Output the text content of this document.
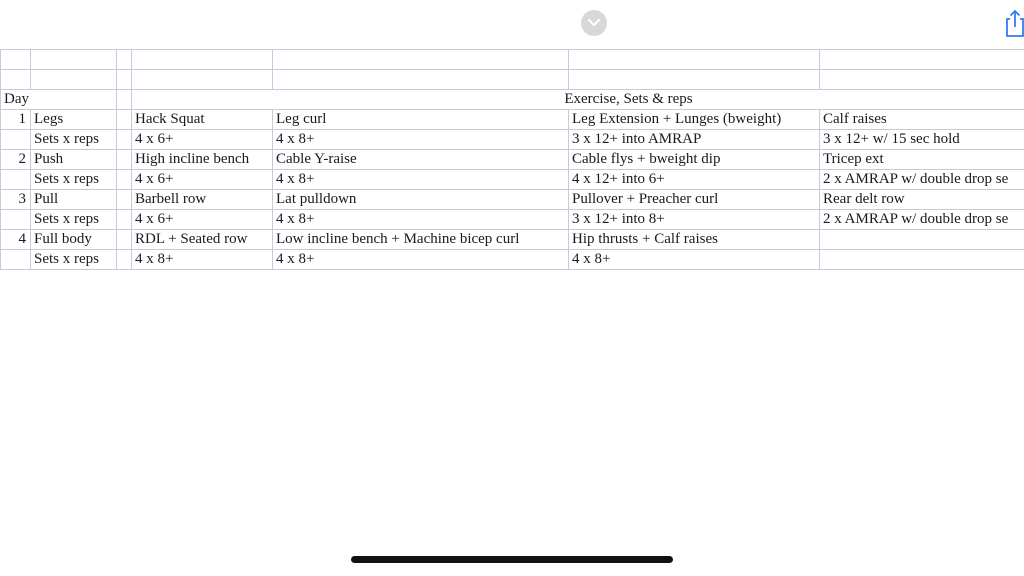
Day			Exercise, Sets & reps			
1	Legs		Hack Squat	Leg curl	Leg Extension + Lunges (bweight)	Calf raises
	Sets x reps		4 x 6+	4 x 8+	3 x 12+ into AMRAP	3 x 12+ w/ 15 sec hold
2	Push		High incline bench	Cable Y-raise	Cable flys + bweight dip	Tricep ext
	Sets x reps		4 x 6+	4 x 8+	4 x 12+ into 6+	2 x AMRAP w/ double drop se
3	Pull		Barbell row	Lat pulldown	Pullover + Preacher curl	Rear delt row
	Sets x reps		4 x 6+	4 x 8+	3 x 12+ into 8+	2 x AMRAP w/ double drop se
4	Full body		RDL + Seated row	Low incline bench + Machine bicep curl	Hip thrusts + Calf raises	
	Sets x reps		4 x 8+	4 x 8+	4 x 8+	
